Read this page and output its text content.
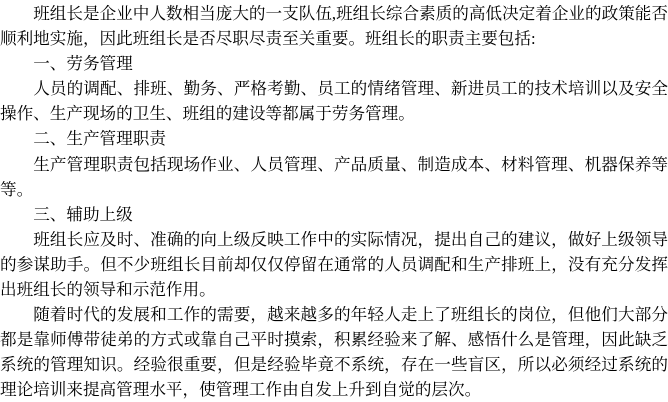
班组长是企业中人数相当庞大的一支队伍,班组长综合素质的高低决定着企业的政策能否顺利地实施，因此班组长是否尽职尽责至关重要。班组长的职责主要包括:

一、劳务管理

人员的调配、排班、勤务、严格考勤、员工的情绪管理、新进员工的技术培训以及安全操作、生产现场的卫生、班组的建设等都属于劳务管理。

二、生产管理职责

生产管理职责包括现场作业、人员管理、产品质量、制造成本、材料管理、机器保养等等。

三、辅助上级

班组长应及时、准确的向上级反映工作中的实际情况，提出自己的建议，做好上级领导的参谋助手。但不少班组长目前却仅仅停留在通常的人员调配和生产排班上，没有充分发挥出班组长的领导和示范作用。

随着时代的发展和工作的需要，越来越多的年轻人走上了班组长的岗位，但他们大部分都是靠师傅带徒弟的方式或靠自己平时摸索，积累经验来了解、感悟什么是管理，因此缺乏系统的管理知识。经验很重要，但是经验毕竟不系统，存在一些盲区，所以必须经过系统的理论培训来提高管理水平，使管理工作由自发上升到自觉的层次。
